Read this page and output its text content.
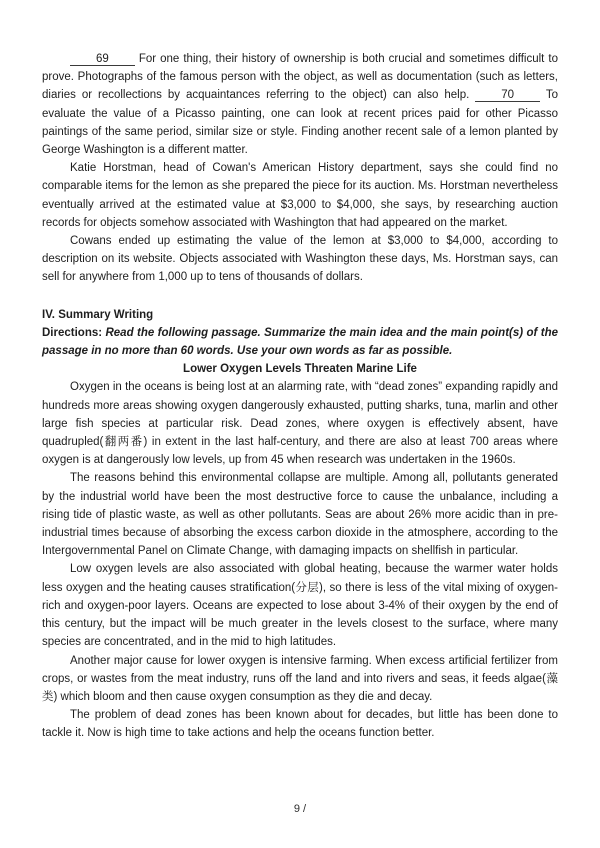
69	For one thing, their history of ownership is both crucial and sometimes difficult to prove. Photographs of the famous person with the object, as well as documentation (such as letters, diaries or recollections by acquaintances referring to the object) can also help.	70	To evaluate the value of a Picasso painting, one can look at recent prices paid for other Picasso paintings of the same period, similar size or style. Finding another recent sale of a lemon planted by George Washington is a different matter.

Katie Horstman, head of Cowan's American History department, says she could find no comparable items for the lemon as she prepared the piece for its auction. Ms. Horstman nevertheless eventually arrived at the estimated value at $3,000 to $4,000, she says, by researching auction records for objects somehow associated with Washington that had appeared on the market.

Cowans ended up estimating the value of the lemon at $3,000 to $4,000, according to description on its website. Objects associated with Washington these days, Ms. Horstman says, can sell for anywhere from 1,000 up to tens of thousands of dollars.

IV. Summary Writing

Directions: Read the following passage. Summarize the main idea and the main point(s) of the passage in no more than 60 words. Use your own words as far as possible.

Lower Oxygen Levels Threaten Marine Life

Oxygen in the oceans is being lost at an alarming rate, with “dead zones” expanding rapidly and hundreds more areas showing oxygen dangerously exhausted, putting sharks, tuna, marlin and other large fish species at particular risk. Dead zones, where oxygen is effectively absent, have quadrupled(翻两番) in extent in the last half-century, and there are also at least 700 areas where oxygen is at dangerously low levels, up from 45 when research was undertaken in the 1960s.

The reasons behind this environmental collapse are multiple. Among all, pollutants generated by the industrial world have been the most destructive force to cause the unbalance, including a rising tide of plastic waste, as well as other pollutants. Seas are about 26% more acidic than in pre-industrial times because of absorbing the excess carbon dioxide in the atmosphere, according to the Intergovernmental Panel on Climate Change, with damaging impacts on shellfish in particular.

Low oxygen levels are also associated with global heating, because the warmer water holds less oxygen and the heating causes stratification(分层), so there is less of the vital mixing of oxygen-rich and oxygen-poor layers. Oceans are expected to lose about 3-4% of their oxygen by the end of this century, but the impact will be much greater in the levels closest to the surface, where many species are concentrated, and in the mid to high latitudes.

Another major cause for lower oxygen is intensive farming. When excess artificial fertilizer from crops, or wastes from the meat industry, runs off the land and into rivers and seas, it feeds algae(藻类) which bloom and then cause oxygen consumption as they die and decay.

The problem of dead zones has been known about for decades, but little has been done to tackle it. Now is high time to take actions and help the oceans function better.

9 /
